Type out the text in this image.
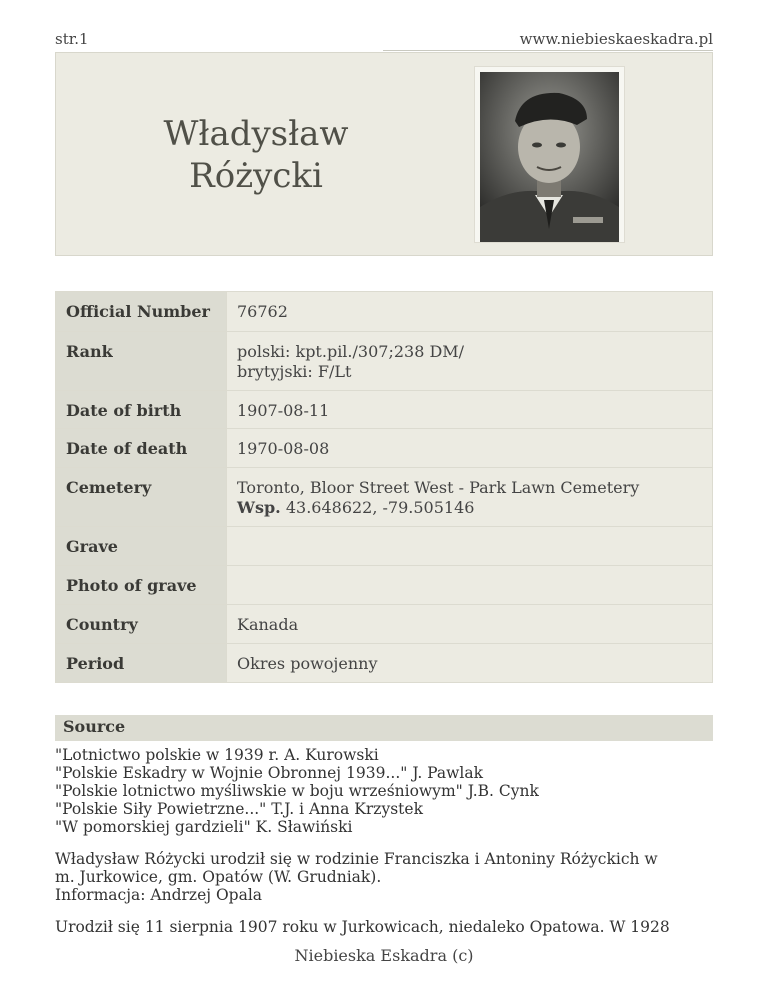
str.1	www.niebieskaeskadra.pl
Władysław
Różycki
Official Number	76762
Rank	polski: kpt.pil./307;238 DM/
brytyjski: F/Lt

Date of birth	1907-08-11
Date of death	1970-08-08
Cemetery	Toronto, Bloor Street West - Park Lawn Cemetery
Wsp. 43.648622, -79.505146

Grave	
Photo of grave	
Country	Kanada
Period	Okres powojenny
Source
"Lotnictwo polskie w 1939 r. A. Kurowski
"Polskie Eskadry w Wojnie Obronnej 1939..." J. Pawlak
"Polskie lotnictwo myśliwskie w boju wrześniowym" J.B. Cynk
"Polskie Siły Powietrzne..." T.J. i Anna Krzystek
"W pomorskiej gardzieli" K. Sławiński
Władysław Różycki urodził się w rodzinie Franciszka i Antoniny Różyckich w
m. Jurkowice, gm. Opatów (W. Grudniak).
Informacja: Andrzej Opala
Urodził się 11 sierpnia 1907 roku w Jurkowicach, niedaleko Opatowa. W 1928
Niebieska Eskadra (c)
